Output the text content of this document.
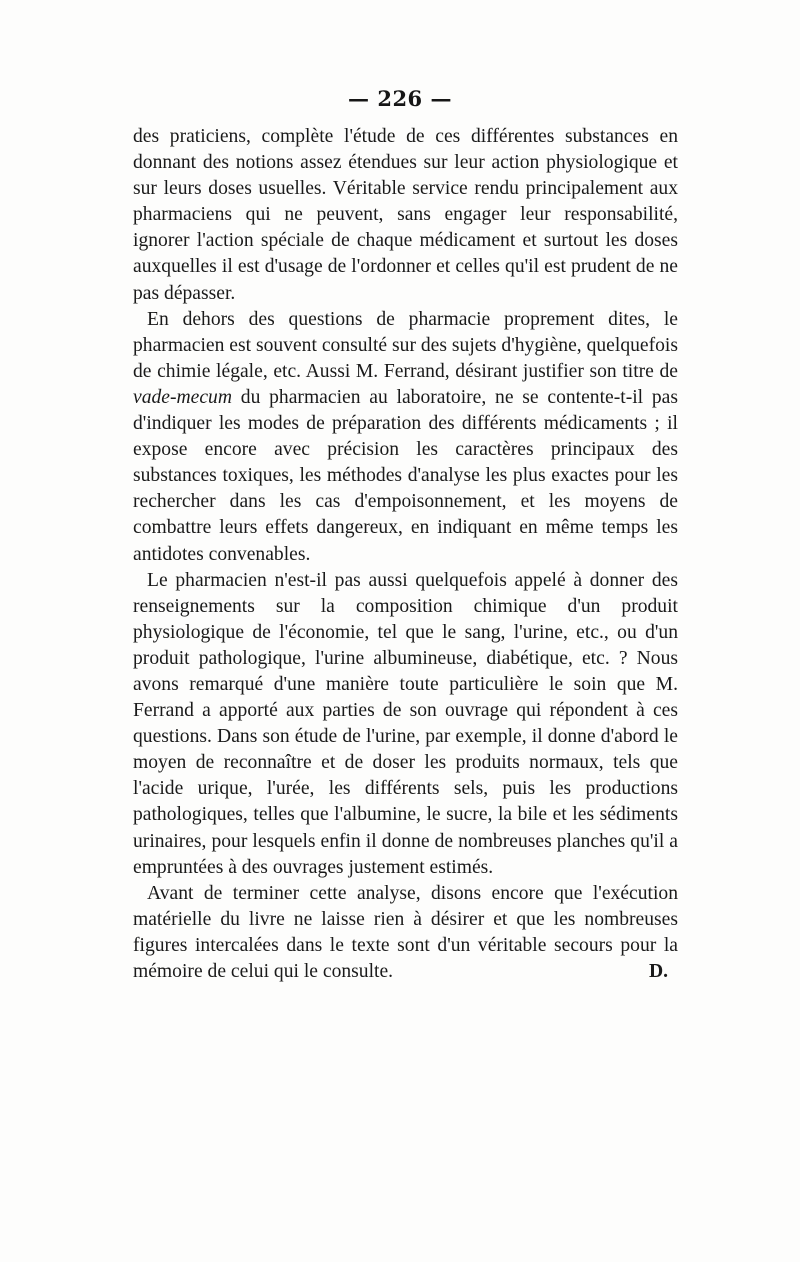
— 226 —

des praticiens, complète l'étude de ces différentes substances en donnant des notions assez étendues sur leur action physiologique et sur leurs doses usuelles. Véritable service rendu principalement aux pharmaciens qui ne peuvent, sans engager leur responsabilité, ignorer l'action spéciale de chaque médicament et surtout les doses auxquelles il est d'usage de l'ordonner et celles qu'il est prudent de ne pas dépasser.

En dehors des questions de pharmacie proprement dites, le pharmacien est souvent consulté sur des sujets d'hygiène, quelquefois de chimie légale, etc. Aussi M. Ferrand, désirant justifier son titre de vade-mecum du pharmacien au laboratoire, ne se contente-t-il pas d'indiquer les modes de préparation des différents médicaments ; il expose encore avec précision les caractères principaux des substances toxiques, les méthodes d'analyse les plus exactes pour les rechercher dans les cas d'empoisonnement, et les moyens de combattre leurs effets dangereux, en indiquant en même temps les antidotes convenables.

Le pharmacien n'est-il pas aussi quelquefois appelé à donner des renseignements sur la composition chimique d'un produit physiologique de l'économie, tel que le sang, l'urine, etc., ou d'un produit pathologique, l'urine albumineuse, diabétique, etc. ? Nous avons remarqué d'une manière toute particulière le soin que M. Ferrand a apporté aux parties de son ouvrage qui répondent à ces questions. Dans son étude de l'urine, par exemple, il donne d'abord le moyen de reconnaître et de doser les produits normaux, tels que l'acide urique, l'urée, les différents sels, puis les productions pathologiques, telles que l'albumine, le sucre, la bile et les sédiments urinaires, pour lesquels enfin il donne de nombreuses planches qu'il a empruntées à des ouvrages justement estimés.

Avant de terminer cette analyse, disons encore que l'exécution matérielle du livre ne laisse rien à désirer et que les nombreuses figures intercalées dans le texte sont d'un véritable secours pour la mémoire de celui qui le consulte.	D.
